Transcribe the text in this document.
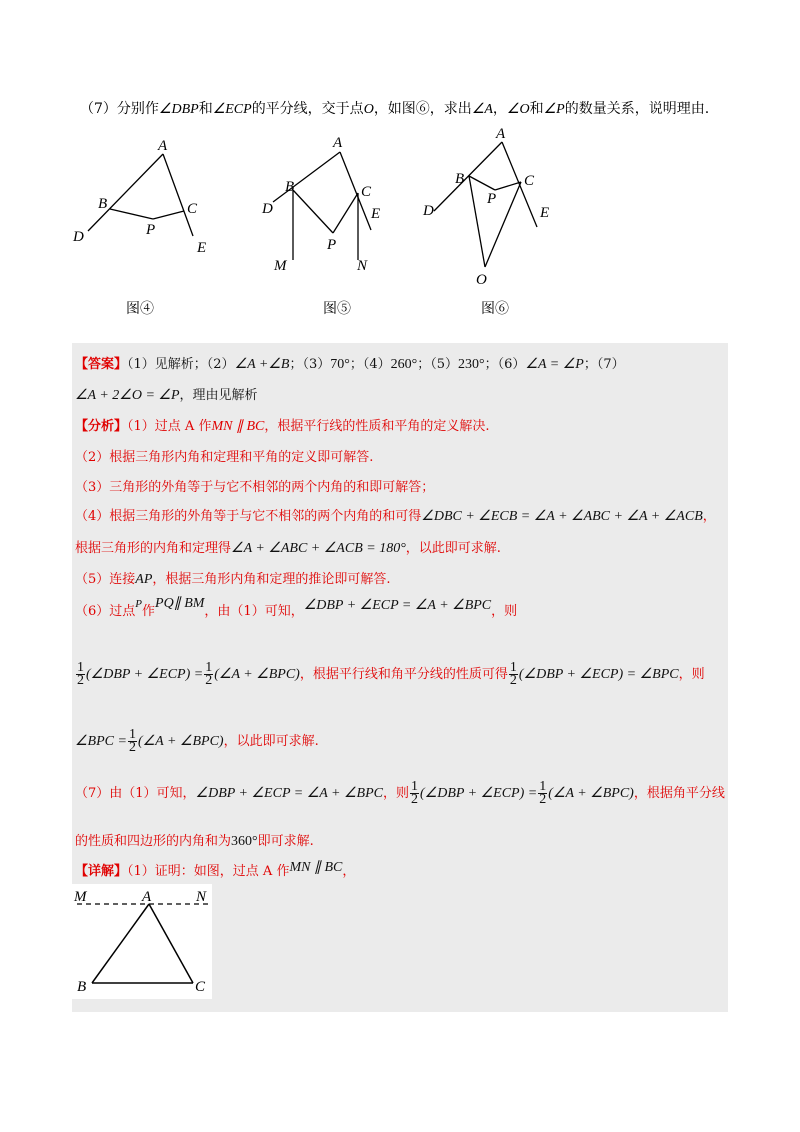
（7）分别作∠DBP和∠ECP的平分线，交于点O，如图⑥，求出∠A，∠O和∠P的数量关系，说明理由.
A
B	C
D
E
P
图④
A
B	C
D	E
P
M	N
图⑤
A
B	C
D	E
P
O
图⑥
【答案】（1）见解析；（2）∠A +∠B；（3）70°；（4）260°；（5）230°；（6）∠A = ∠P；（7）
∠A + 2∠O = ∠P，理由见解析
【分析】（1）过点 A 作MN ∥ BC，根据平行线的性质和平角的定义解决.
（2）根据三角形内角和定理和平角的定义即可解答.
（3）三角形的外角等于与它不相邻的两个内角的和即可解答；
（4）根据三角形的外角等于与它不相邻的两个内角的和可得∠DBC + ∠ECB = ∠A + ∠ABC + ∠A + ∠ACB，
根据三角形的内角和定理得∠A + ∠ABC + ∠ACB = 180°，以此即可求解.
（5）连接AP，根据三角形内角和定理的推论即可解答.
（6）过点$^P$作PQ∥ BM，由（1）可知，∠DBP + ∠ECP = ∠A + ∠BPC，则
$\frac{1}{2}$ (∠DBP + ∠ECP) = $\frac{1}{2}$ (∠A + ∠BPC)，根据平行线和角平分线的性质可得 $\frac{1}{2}$ (∠DBP + ∠ECP) = ∠BPC，则
∠BPC = $\frac{1}{2}$ (∠A + ∠BPC)，以此即可求解.
（7）由（1）可知，∠DBP + ∠ECP = ∠A + ∠BPC，则 $\frac{1}{2}$ (∠DBP + ∠ECP) = $\frac{1}{2}$ (∠A + ∠BPC)，根据角平分线
的性质和四边形的内角和为360°即可求解.
【详解】（1）证明：如图，过点 A 作MN ∥ BC，
M	A	N
B	C
